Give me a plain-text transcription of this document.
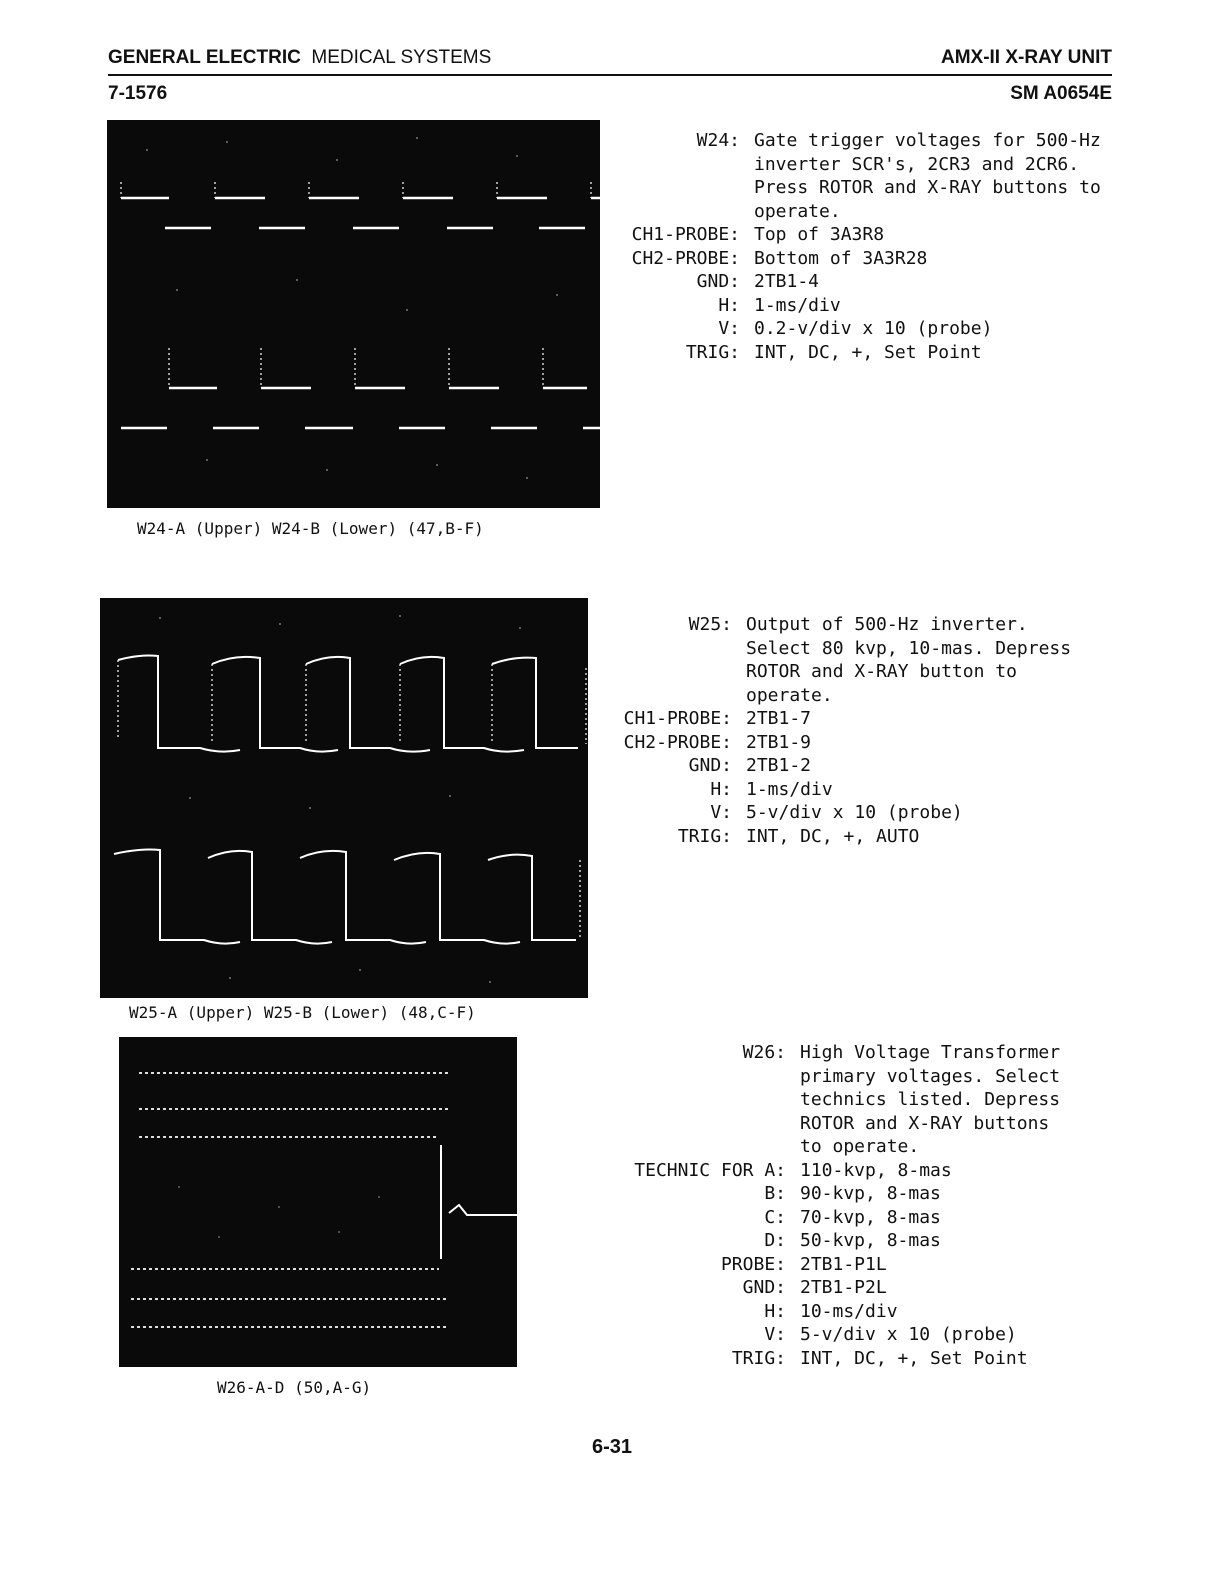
GENERAL ELECTRIC MEDICAL SYSTEMS	AMX-II X-RAY UNIT
7-1576	SM A0654E
W24: Gate trigger voltages for 500-Hz
inverter SCR's, 2CR3 and 2CR6.
Press ROTOR and X-RAY buttons to
operate.
CH1-PROBE: Top of 3A3R8
CH2-PROBE: Bottom of 3A3R28
GND: 2TB1-4
H: 1-ms/div
V: 0.2-v/div x 10 (probe)
TRIG: INT, DC, +, Set Point
W24-A (Upper) W24-B (Lower) (47,B-F)
W25: Output of 500-Hz inverter.
Select 80 kvp, 10-mas. Depress
ROTOR and X-RAY button to
operate.
CH1-PROBE: 2TB1-7
CH2-PROBE: 2TB1-9
GND: 2TB1-2
H: 1-ms/div
V: 5-v/div x 10 (probe)
TRIG: INT, DC, +, AUTO
W25-A (Upper) W25-B (Lower) (48,C-F)
W26: High Voltage Transformer
primary voltages. Select
technics listed. Depress
ROTOR and X-RAY buttons
to operate.
TECHNIC FOR A: 110-kvp, 8-mas
B: 90-kvp, 8-mas
C: 70-kvp, 8-mas
D: 50-kvp, 8-mas
PROBE: 2TB1-P1L
GND: 2TB1-P2L
H: 10-ms/div
V: 5-v/div x 10 (probe)
TRIG: INT, DC, +, Set Point
W26-A-D (50,A-G)
6-31
